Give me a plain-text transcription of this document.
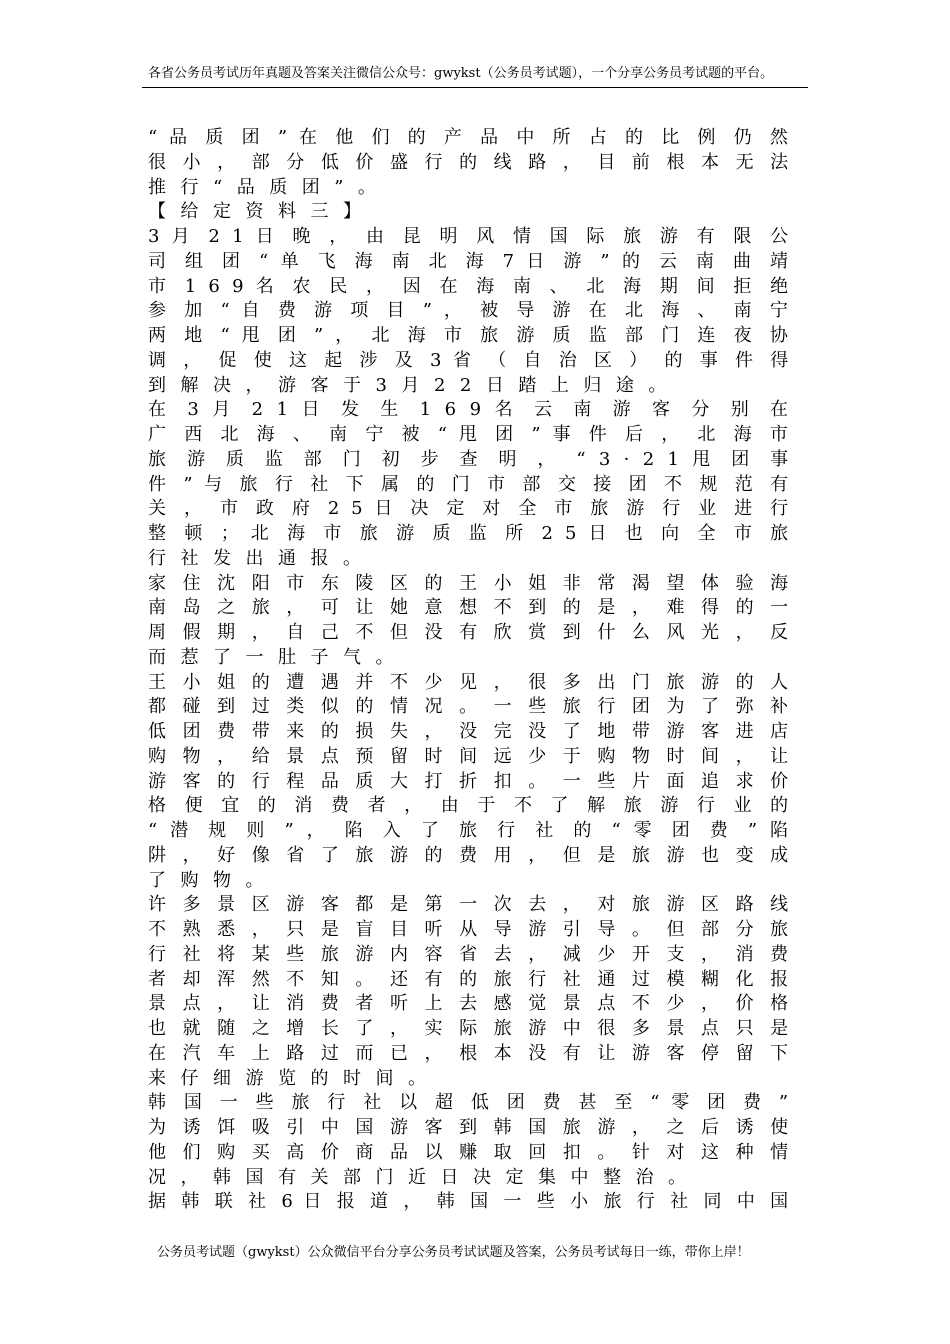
各省公务员考试历年真题及答案关注微信公众号：gwykst（公务员考试题），一个分享公务员考试题的平台。
“ 品 质 团 ” 在 他 们 的 产 品 中 所 占 的 比 例 仍 然
很 小 ， 部 分 低 价 盛 行 的 线 路 ， 目 前 根 本 无 法
推行“品质团”。
【给定资料三】
3 月 2 1 日 晚 ， 由 昆 明 风 情 国 际 旅 游 有 限 公
司 组 团 “ 单 飞 海 南 北 海 7 日 游 ” 的 云 南 曲 靖
市 1 6 9 名 农 民 ， 因 在 海 南 、 北 海 期 间 拒 绝
参 加 “ 自 费 游 项 目 ” ， 被 导 游 在 北 海 、 南 宁
两 地 “ 甩 团 ” ， 北 海 市 旅 游 质 监 部 门 连 夜 协
调 ， 促 使 这 起 涉 及 3 省 （ 自 治 区 ） 的 事 件 得
到解决，游客于3月22日踏上归途。
在 3 月 2 1 日 发 生 1 6 9 名 云 南 游 客 分 别 在
广 西 北 海 、 南 宁 被 “ 甩 团 ” 事 件 后 ， 北 海 市
旅 游 质 监 部 门 初 步 查 明 ， “ 3 · 2 1 甩 团 事
件 ” 与 旅 行 社 下 属 的 门 市 部 交 接 团 不 规 范 有
关 ， 市 政 府 2 5 日 决 定 对 全 市 旅 游 行 业 进 行
整 顿 ； 北 海 市 旅 游 质 监 所 2 5 日 也 向 全 市 旅
行社发出通报。
家 住 沈 阳 市 东 陵 区 的 王 小 姐 非 常 渴 望 体 验 海
南 岛 之 旅 ， 可 让 她 意 想 不 到 的 是 ， 难 得 的 一
周 假 期 ， 自 己 不 但 没 有 欣 赏 到 什 么 风 光 ， 反
而惹了一肚子气。
王 小 姐 的 遭 遇 并 不 少 见 ， 很 多 出 门 旅 游 的 人
都 碰 到 过 类 似 的 情 况 。 一 些 旅 行 团 为 了 弥 补
低 团 费 带 来 的 损 失 ， 没 完 没 了 地 带 游 客 进 店
购 物 ， 给 景 点 预 留 时 间 远 少 于 购 物 时 间 ， 让
游 客 的 行 程 品 质 大 打 折 扣 。 一 些 片 面 追 求 价
格 便 宜 的 消 费 者 ， 由 于 不 了 解 旅 游 行 业 的
“ 潜 规 则 ” ， 陷 入 了 旅 行 社 的 “ 零 团 费 ” 陷
阱 ， 好 像 省 了 旅 游 的 费 用 ， 但 是 旅 游 也 变 成
了购物。
许 多 景 区 游 客 都 是 第 一 次 去 ， 对 旅 游 区 路 线
不 熟 悉 ， 只 是 盲 目 听 从 导 游 引 导 。 但 部 分 旅
行 社 将 某 些 旅 游 内 容 省 去 ， 减 少 开 支 ， 消 费
者 却 浑 然 不 知 。 还 有 的 旅 行 社 通 过 模 糊 化 报
景 点 ， 让 消 费 者 听 上 去 感 觉 景 点 不 少 ， 价 格
也 就 随 之 增 长 了 ， 实 际 旅 游 中 很 多 景 点 只 是
在 汽 车 上 路 过 而 已 ， 根 本 没 有 让 游 客 停 留 下
来仔细游览的时间。
韩 国 一 些 旅 行 社 以 超 低 团 费 甚 至 “ 零 团 费 ”
为 诱 饵 吸 引 中 国 游 客 到 韩 国 旅 游 ， 之 后 诱 使
他 们 购 买 高 价 商 品 以 赚 取 回 扣 。 针 对 这 种 情
况，韩国有关部门近日决定集中整治。
据 韩 联 社 6 日 报 道 ， 韩 国 一 些 小 旅 行 社 同 中 国
公务员考试题（gwykst）公众微信平台分享公务员考试试题及答案，公务员考试每日一练，带你上岸！
